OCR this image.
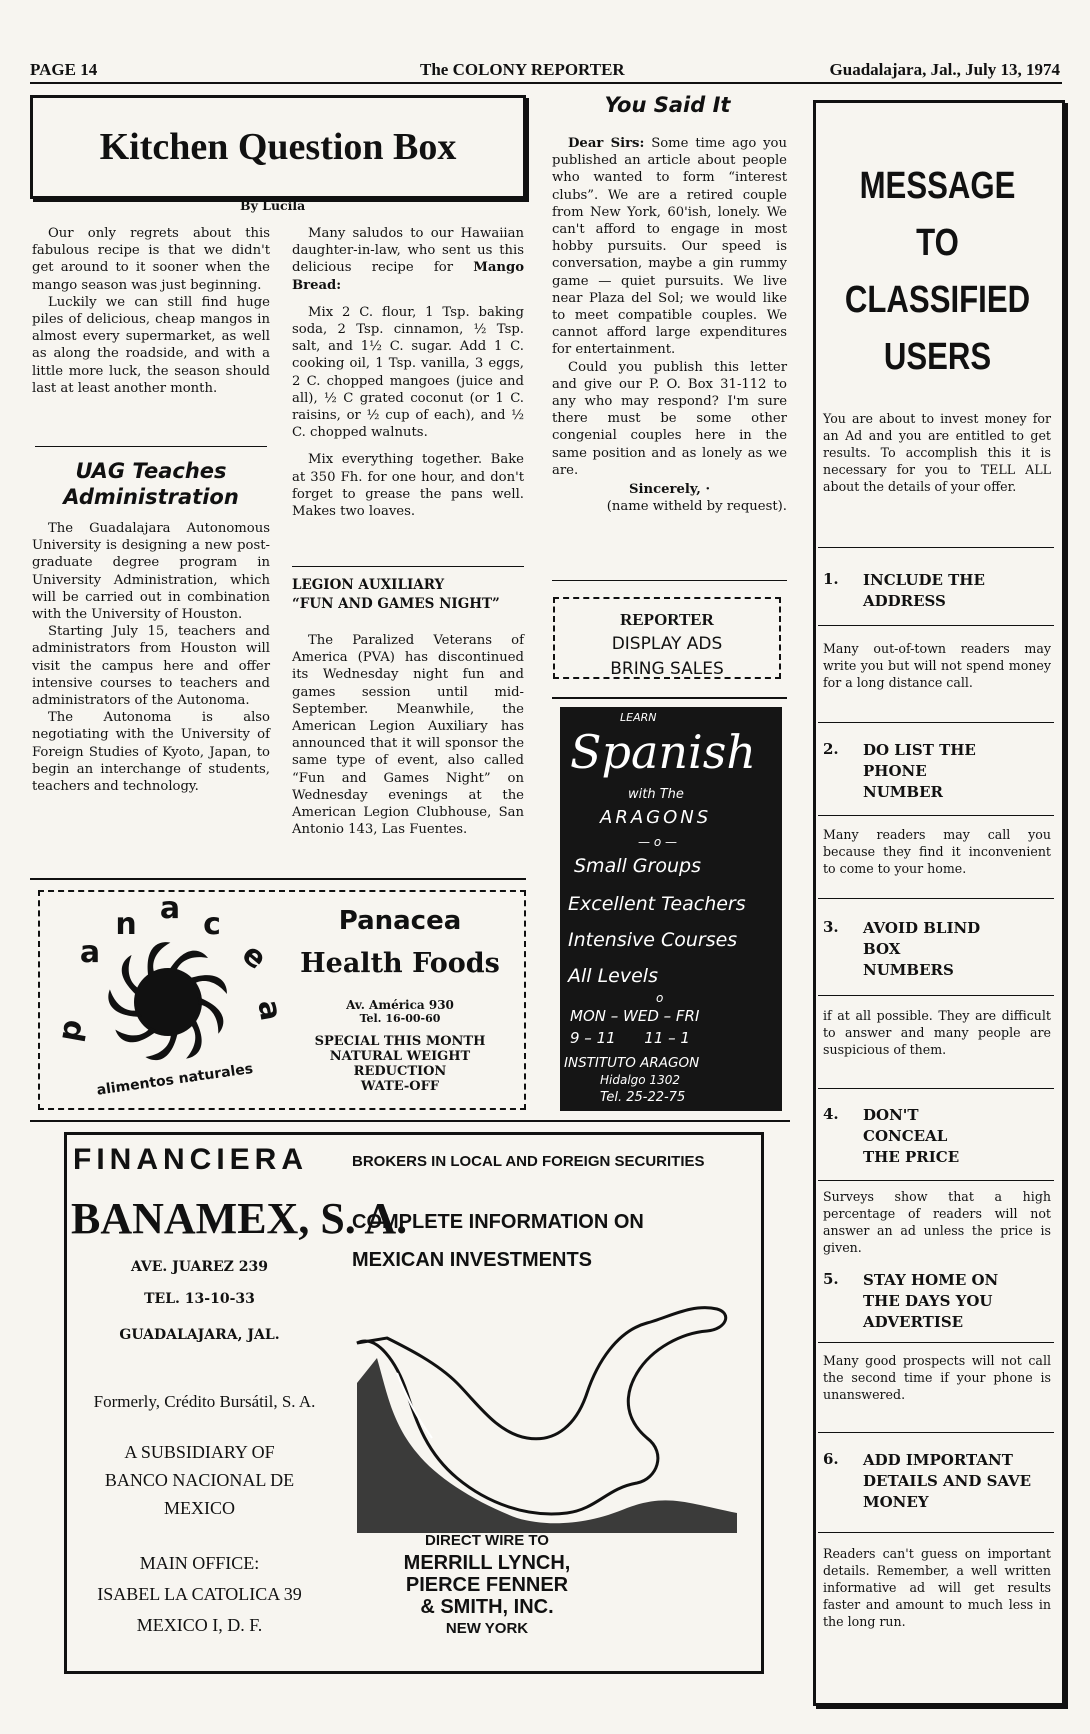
PAGE 14	The COLONY REPORTER	Guadalajara, Jal., July 13, 1974
Kitchen Question Box
By Lucila

Our only regrets about this fabulous recipe is that we didn't get around to it sooner when the mango season was just beginning.

Luckily we can still find huge piles of delicious, cheap mangos in almost every supermarket, as well as along the roadside, and with a little more luck, the season should last at least another month.

Many saludos to our Hawaiian daughter-in-law, who sent us this delicious recipe for Mango Bread:

Mix 2 C. flour, 1 Tsp. baking soda, 2 Tsp. cinnamon, ½ Tsp. salt, and 1½ C. sugar. Add 1 C. cooking oil, 1 Tsp. vanilla, 3 eggs, 2 C. chopped mangoes (juice and all), ½ C grated coconut (or 1 C. raisins, or ½ cup of each), and ½ C. chopped walnuts.

Mix everything together. Bake at 350 Fh. for one hour, and don't forget to grease the pans well. Makes two loaves.

UAG Teaches Administration

The Guadalajara Autonomous University is designing a new post-graduate degree program in University Administration, which will be carried out in combination with the University of Houston.

Starting July 15, teachers and administrators from Houston will visit the campus here and offer intensive courses to teachers and administrators of the Autonoma.

The Autonoma is also negotiating with the University of Foreign Studies of Kyoto, Japan, to begin an interchange of students, teachers and technology.

LEGION AUXILIARY
“FUN AND GAMES NIGHT”

The Paralized Veterans of America (PVA) has discontinued its Wednesday night fun and games session until mid-September. Meanwhile, the American Legion Auxiliary has announced that it will sponsor the same type of event, also called “Fun and Games Night” on Wednesday evenings at the American Legion Clubhouse, San Antonio 143, Las Fuentes.

You Said It

Dear Sirs: Some time ago you published an article about people who wanted to form “interest clubs”. We are a retired couple from New York, 60'ish, lonely. We can't afford to engage in most hobby pursuits. Our speed is conversation, maybe a gin rummy game — quiet pursuits. We live near Plaza del Sol; we would like to meet compatible couples. We cannot afford large expenditures for entertainment.

Could you publish this letter and give our P. O. Box 31-112 to any who may respond? I'm sure there must be some other congenial couples here in the same position and as lonely as we are.

Sincerely, ·
(name witheld by request).
REPORTER
DISPLAY ADS
BRING SALES
LEARN
Spanish
with The
ARAGONS
— o —
Small Groups
Excellent Teachers
Intensive Courses
All Levels
o
MON – WED – FRI
9 – 11      11 – 1
INSTITUTO ARAGON
Hidalgo 1302
Tel. 25-22-75
p
a
n a c
e
a
alimentos naturales
Panacea
Health Foods
Av. América 930
Tel. 16-00-60
SPECIAL THIS MONTH
NATURAL WEIGHT
REDUCTION
WATE-OFF
FINANCIERA	BROKERS IN LOCAL AND FOREIGN SECURITIES
BANAMEX, S. A.
COMPLETE INFORMATION ON
MEXICAN INVESTMENTS
AVE. JUAREZ 239
TEL. 13-10-33
GUADALAJARA, JAL.
Formerly, Crédito Bursátil, S. A.
A SUBSIDIARY OF
BANCO NACIONAL DE
MEXICO
MAIN OFFICE:
ISABEL LA CATOLICA 39
MEXICO I, D. F.
DIRECT WIRE TO
MERRILL LYNCH,
PIERCE FENNER
& SMITH, INC.
NEW YORK
MESSAGE
TO
CLASSIFIED
USERS
You are about to invest money for an Ad and you are entitled to get results. To accomplish this it is necessary for you to TELL ALL about the details of your offer.
1. INCLUDE THE ADDRESS
Many out-of-town readers may write you but will not spend money for a long distance call.
2. DO LIST THE PHONE NUMBER
Many readers may call you because they find it inconvenient to come to your home.
3. AVOID BLIND BOX NUMBERS
if at all possible. They are difficult to answer and many people are suspicious of them.
4. DON'T CONCEAL THE PRICE
Surveys show that a high percentage of readers will not answer an ad unless the price is given.
5. STAY HOME ON THE DAYS YOU ADVERTISE
Many good prospects will not call the second time if your phone is unanswered.
6. ADD IMPORTANT DETAILS AND SAVE MONEY
Readers can't guess on important details. Remember, a well written informative ad will get results faster and amount to much less in the long run.
